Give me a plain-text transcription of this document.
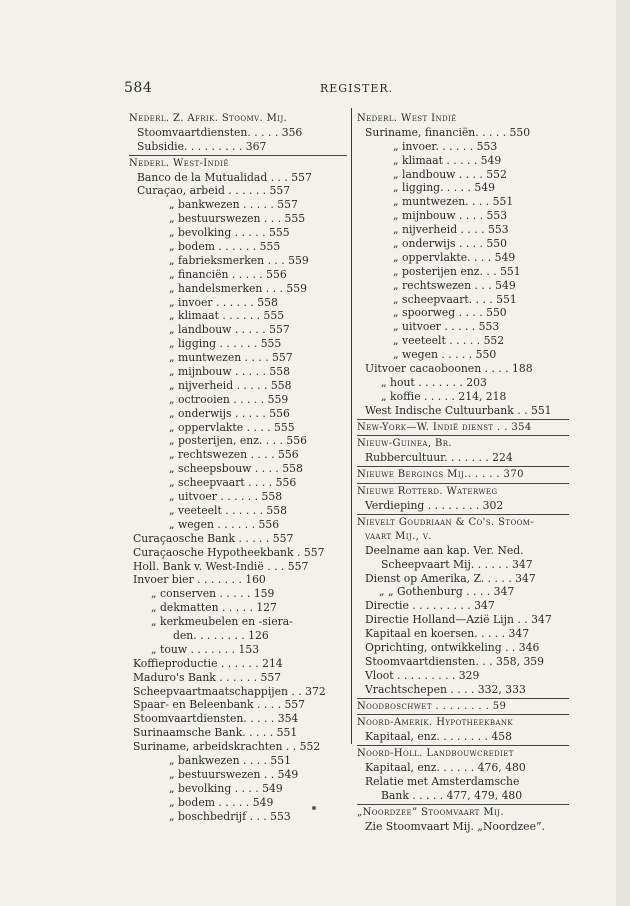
584	REGISTER.
Nederl. Z. Afrik. Stoomv. Mij.
Stoomvaartdiensten. . . . . 356
Subsidie. . . . . . . . . 367
Nederl. West-Indië
Banco de la Mutualidad . . . 557
Curaçao, arbeid . . . . . . 557
„ bankwezen . . . . . 557
„ bestuurswezen . . . 555
„ bevolking . . . . . 555
„ bodem . . . . . . 555
„ fabrieksmerken . . . 559
„ financiën . . . . . 556
„ handelsmerken . . . 559
„ invoer . . . . . . 558
„ klimaat . . . . . . 555
„ landbouw . . . . . 557
„ ligging . . . . . . 555
„ muntwezen . . . . 557
„ mijnbouw . . . . . 558
„ nijverheid . . . . . 558
„ octrooien . . . . . 559
„ onderwijs . . . . . 556
„ oppervlakte . . . . 555
„ posterijen, enz. . . . 556
„ rechtswezen . . . . 556
„ scheepsbouw . . . . 558
„ scheepvaart . . . . 556
„ uitvoer . . . . . . 558
„ veeteelt . . . . . . 558
„ wegen . . . . . . 556
Curaçaosche Bank . . . . . 557
Curaçaosche Hypotheekbank . 557
Holl. Bank v. West-Indië . . . 557
Invoer bier . . . . . . . 160
„ conserven . . . . . 159
„ dekmatten . . . . . 127
„ kerkmeubelen en -siera-
den. . . . . . . . 126
„ touw . . . . . . . 153
Koffieproductie . . . . . . 214
Maduro's Bank . . . . . . 557
Scheepvaartmaatschappijen . . 372
Spaar- en Beleenbank . . . . 557
Stoomvaartdiensten. . . . . 354
Surinaamsche Bank. . . . . 551
Suriname, arbeidskrachten . . 552
„ bankwezen . . . . 551
„ bestuurswezen . . 549
„ bevolking . . . . 549
„ bodem . . . . . 549
„ boschbedrijf . . . 553
Nederl. West Indië
Suriname, financiën. . . . . 550
„ invoer. . . . . . 553
„ klimaat . . . . . 549
„ landbouw . . . . 552
„ ligging. . . . . 549
„ muntwezen. . . . 551
„ mijnbouw . . . . 553
„ nijverheid . . . . 553
„ onderwijs . . . . 550
„ oppervlakte. . . . 549
„ posterijen enz. . . 551
„ rechtswezen . . . 549
„ scheepvaart. . . . 551
„ spoorweg . . . . 550
„ uitvoer . . . . . 553
„ veeteelt . . . . . 552
„ wegen . . . . . 550
Uitvoer cacaoboonen . . . . 188
„ hout . . . . . . . 203
„ koffie . . . . . 214, 218
West Indische Cultuurbank . . 551
New-York—W. Indië dienst . . 354
Nieuw-Guinea, Br.
Rubbercultuur. . . . . . . 224
Nieuwe Bergings Mij.. . . . . 370
Nieuwe Rotterd. Waterweg
Verdieping . . . . . . . . 302
Nievelt Goudriaan & Co's. Stoom-
vaart Mij., v.
Deelname aan kap. Ver. Ned.
Scheepvaart Mij. . . . . . 347
Dienst op Amerika, Z. . . . . 347
„ „ Gothenburg . . . . 347
Directie . . . . . . . . . 347
Directie Holland—Azië Lijn . . 347
Kapitaal en koersen. . . . . 347
Oprichting, ontwikkeling . . 346
Stoomvaartdiensten. . . 358, 359
Vloot . . . . . . . . . 329
Vrachtschepen . . . . 332, 333
Noodboschwet . . . . . . . . 59
Noord-Amerik. Hypotheekbank
Kapitaal, enz. . . . . . . . 458
Noord-Holl. Landbouwcrediet
Kapitaal, enz. . . . . . 476, 480
Relatie met Amsterdamsche
Bank . . . . . 477, 479, 480
„Noordzee” Stoomvaart Mij.
Zie Stoomvaart Mij. „Noordzee”.
